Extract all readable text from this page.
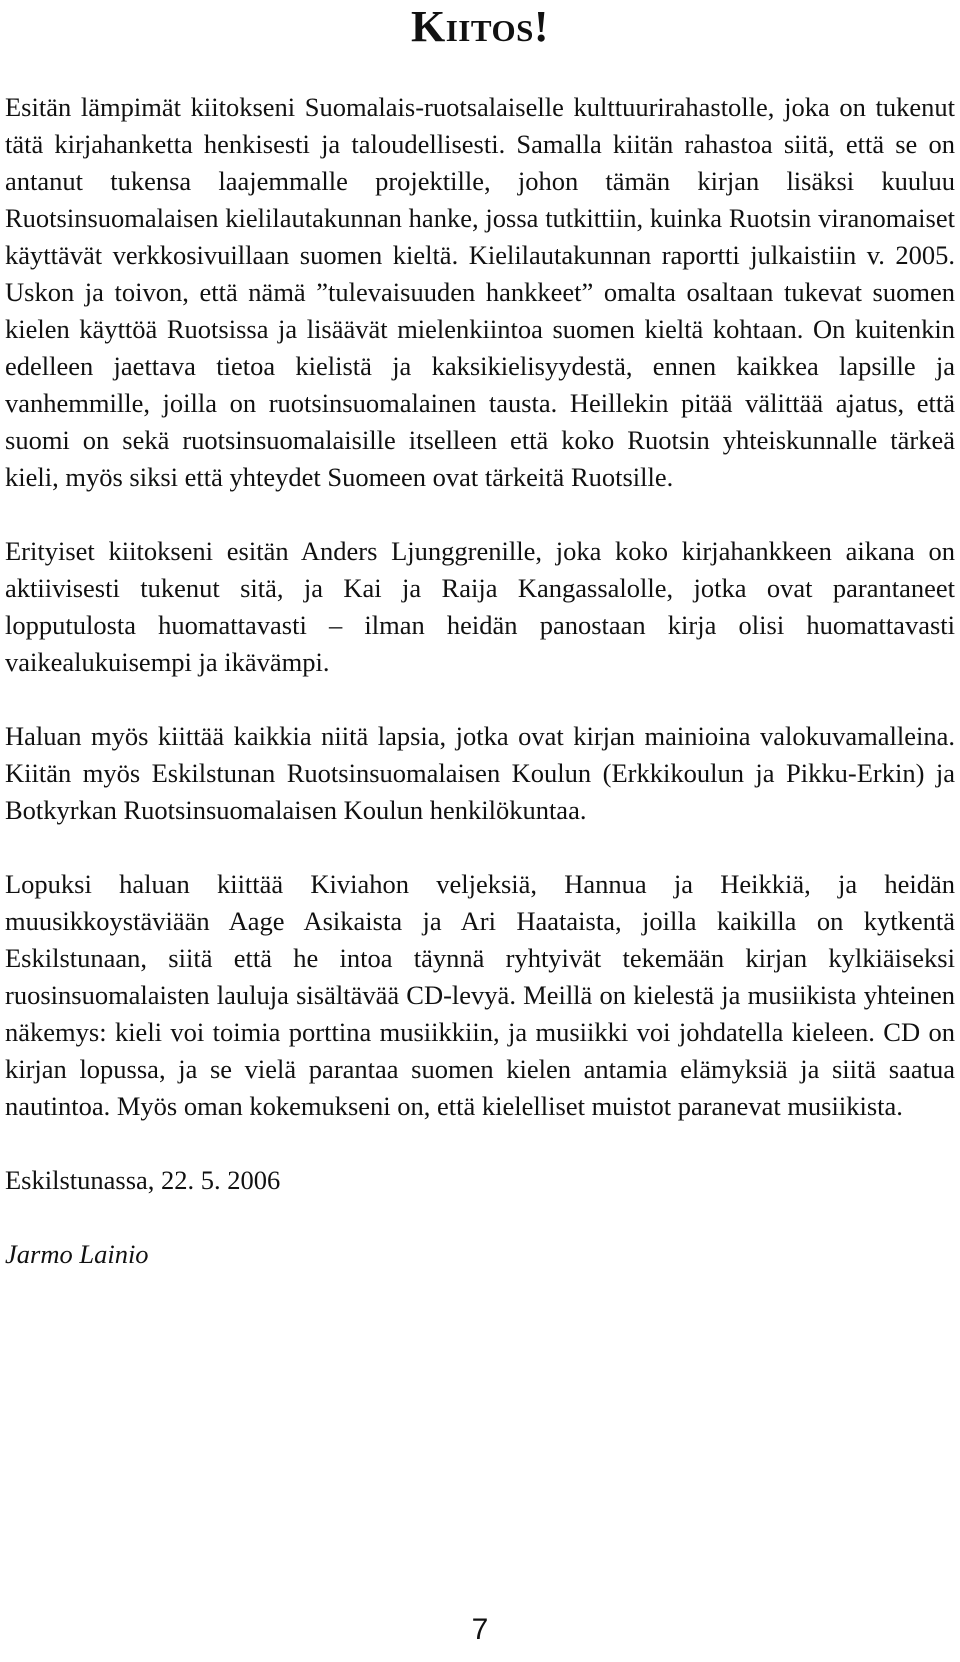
Kiitos!

Esitän lämpimät kiitokseni Suomalais-ruotsalaiselle kulttuurirahastolle, joka on tukenut tätä kirjahanketta henkisesti ja taloudellisesti. Samalla kiitän rahastoa siitä, että se on antanut tukensa laajemmalle projektille, johon tämän kirjan lisäksi kuuluu Ruotsinsuomalaisen kielilautakunnan hanke, jossa tutkittiin, kuinka Ruotsin viranomaiset käyttävät verkkosivuillaan suomen kieltä. Kielilautakunnan raportti julkaistiin v. 2005. Uskon ja toivon, että nämä ”tulevaisuuden hankkeet” omalta osaltaan tukevat suomen kielen käyttöä Ruotsissa ja lisäävät mielenkiintoa suomen kieltä kohtaan. On kuitenkin edelleen jaettava tietoa kielistä ja kaksikielisyydestä, ennen kaikkea lapsille ja vanhemmille, joilla on ruotsinsuomalainen tausta. Heillekin pitää välittää ajatus, että suomi on sekä ruotsinsuomalaisille itselleen että koko Ruotsin yhteiskunnalle tärkeä kieli, myös siksi että yhteydet Suomeen ovat tärkeitä Ruotsille.

Erityiset kiitokseni esitän Anders Ljunggrenille, joka koko kirjahankkeen aikana on aktiivisesti tukenut sitä, ja Kai ja Raija Kangassalolle, jotka ovat parantaneet lopputulosta huomattavasti – ilman heidän panostaan kirja olisi huomattavasti vaikealukuisempi ja ikävämpi.

Haluan myös kiittää kaikkia niitä lapsia, jotka ovat kirjan mainioina valokuvamalleina. Kiitän myös Eskilstunan Ruotsinsuomalaisen Koulun (Erkkikoulun ja Pikku-Erkin) ja Botkyrkan Ruotsinsuomalaisen Koulun henkilökuntaa.

Lopuksi haluan kiittää Kiviahon veljeksiä, Hannua ja Heikkiä, ja heidän muusikkoystäviään Aage Asikaista ja Ari Haataista, joilla kaikilla on kytkentä Eskilstunaan, siitä että he intoa täynnä ryhtyivät tekemään kirjan kylkiäiseksi ruosinsuomalaisten lauluja sisältävää CD-levyä. Meillä on kielestä ja musiikista yhteinen näkemys: kieli voi toimia porttina musiikkiin, ja musiikki voi johdatella kieleen. CD on kirjan lopussa, ja se vielä parantaa suomen kielen antamia elämyksiä ja siitä saatua nautintoa. Myös oman kokemukseni on, että kielelliset muistot paranevat musiikista.

Eskilstunassa, 22. 5. 2006

Jarmo Lainio

7
